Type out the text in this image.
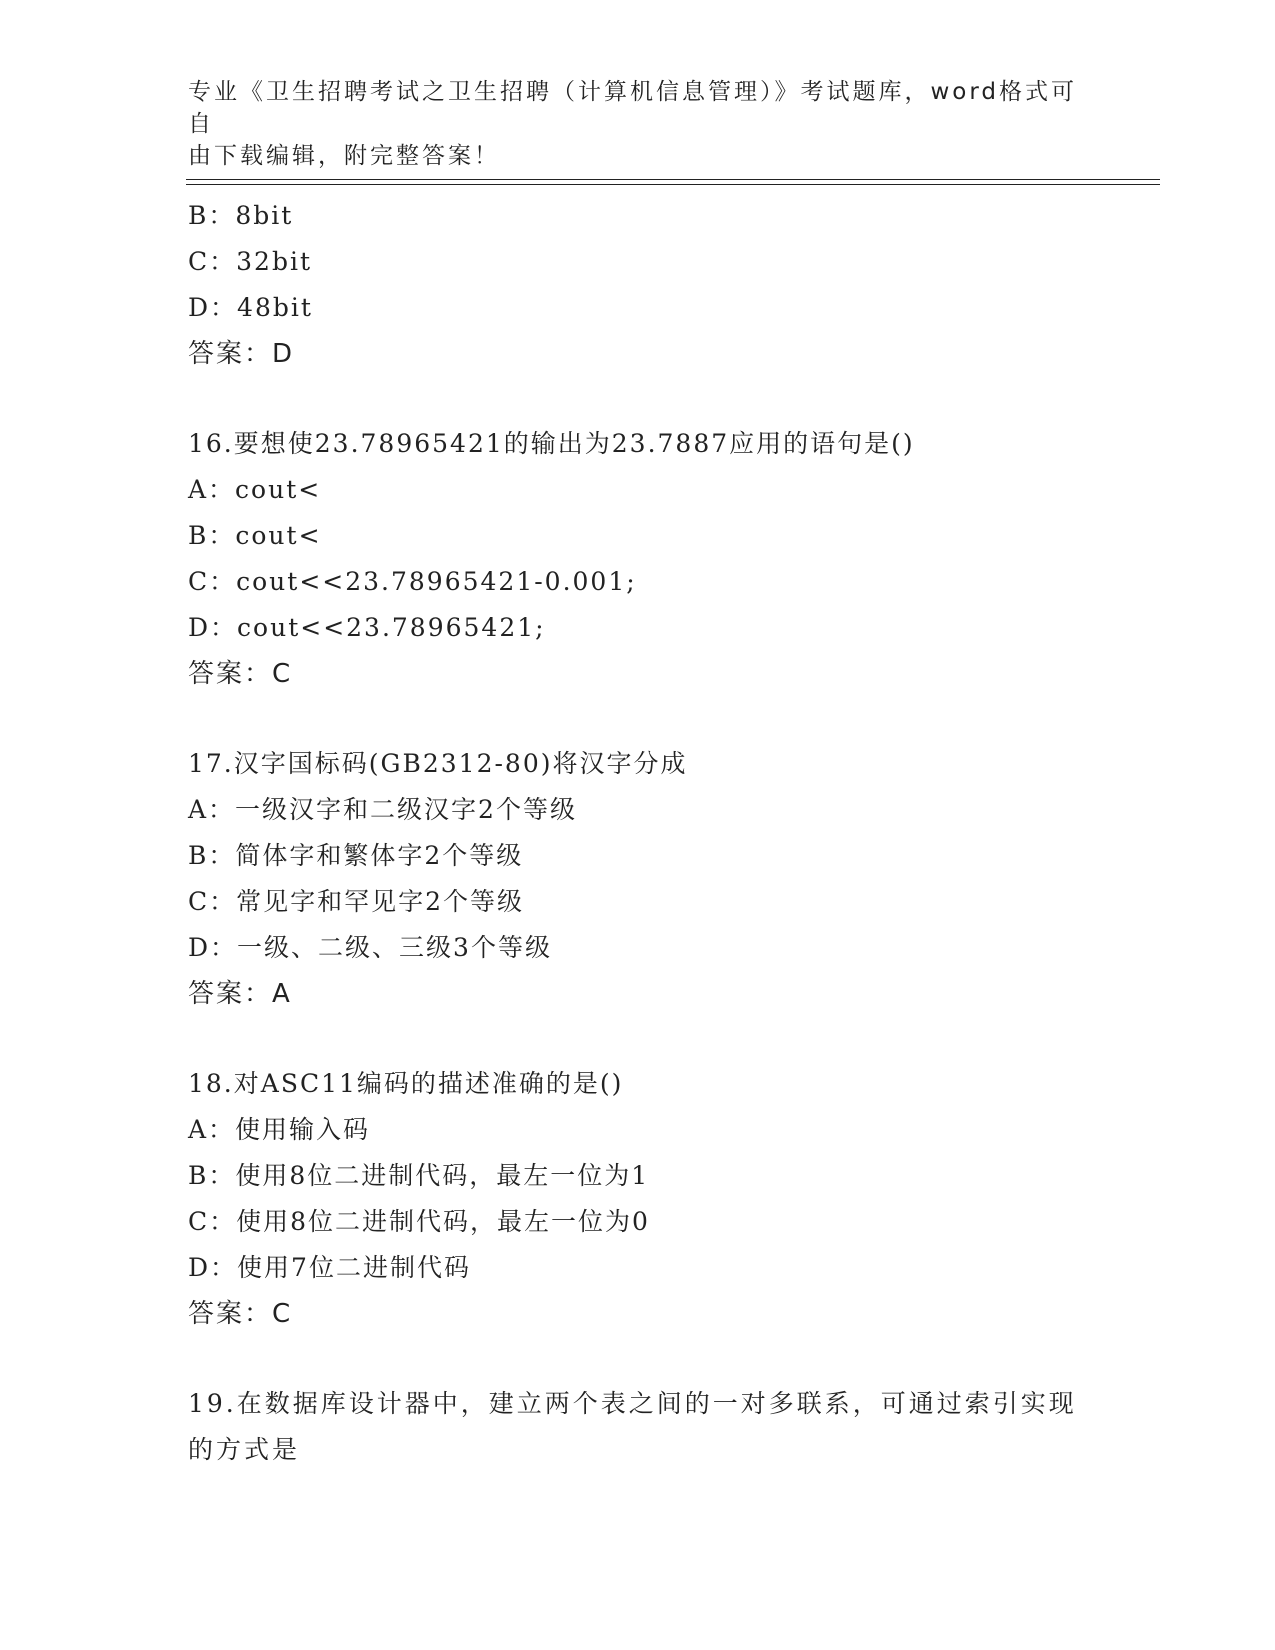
专业《卫生招聘考试之卫生招聘（计算机信息管理）》考试题库，word格式可自
由下载编辑，附完整答案！
B：8bit
C：32bit
D：48bit
答案：D
16.要想使23.78965421的输出为23.7887应用的语句是()
A：cout<
B：cout<
C：cout<<23.78965421-0.001;
D：cout<<23.78965421;
答案：C
17.汉字国标码(GB2312-80)将汉字分成
A：一级汉字和二级汉字2个等级
B：简体字和繁体字2个等级
C：常见字和罕见字2个等级
D：一级、二级、三级3个等级
答案：A
18.对ASC11编码的描述准确的是()
A：使用输入码
B：使用8位二进制代码，最左一位为1
C：使用8位二进制代码，最左一位为0
D：使用7位二进制代码
答案：C
19.在数据库设计器中，建立两个表之间的一对多联系，可通过索引实现的方式是
